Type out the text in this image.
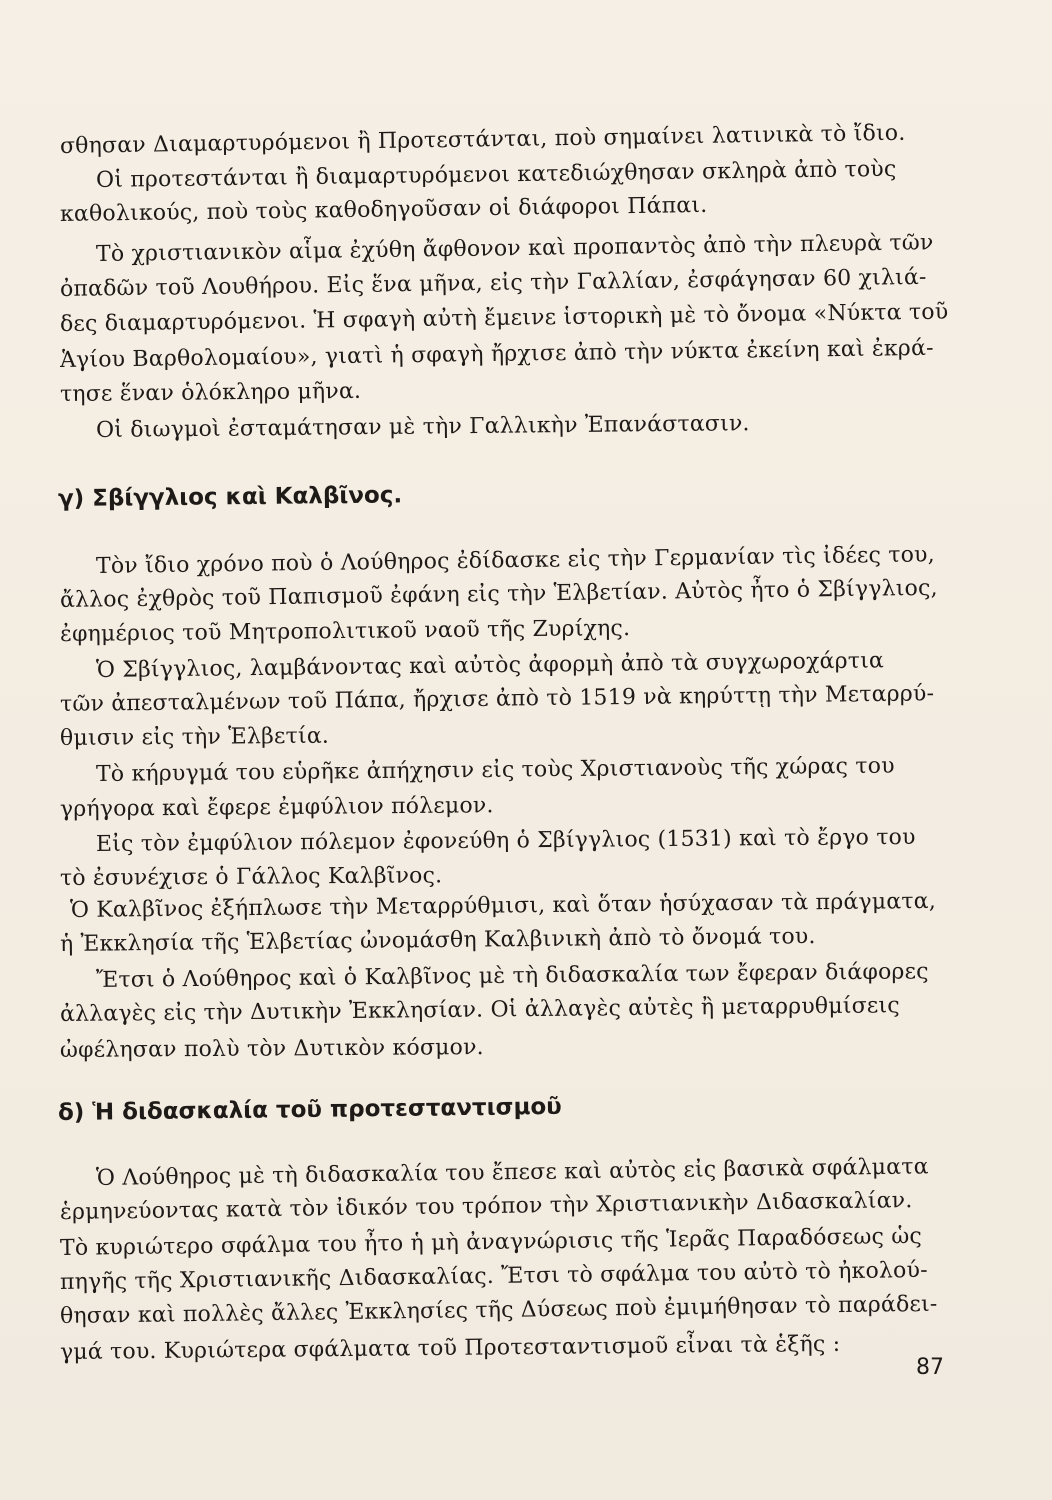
σθησαν Διαμαρτυρόμενοι ἢ Προτεστάνται, ποὺ σημαίνει λατινικὰ τὸ ἴδιο.
Οἱ προτεστάνται ἢ διαμαρτυρόμενοι κατεδιώχθησαν σκληρὰ ἀπὸ τοὺς
καθολικούς, ποὺ τοὺς καθοδηγοῦσαν οἱ διάφοροι Πάπαι.
Τὸ χριστιανικὸν αἷμα ἐχύθη ἄφθονον καὶ προπαντὸς ἀπὸ τὴν πλευρὰ τῶν
ὀπαδῶν τοῦ Λουθήρου. Εἰς ἕνα μῆνα, εἰς τὴν Γαλλίαν, ἐσφάγησαν 60 χιλιά-
δες διαμαρτυρόμενοι. Ἡ σφαγὴ αὐτὴ ἔμεινε ἱστορικὴ μὲ τὸ ὄνομα «Νύκτα τοῦ
Ἁγίου Βαρθολομαίου», γιατὶ ἡ σφαγὴ ἤρχισε ἀπὸ τὴν νύκτα ἐκείνη καὶ ἐκρά-
τησε ἕναν ὁλόκληρο μῆνα.
Οἱ διωγμοὶ ἐσταμάτησαν μὲ τὴν Γαλλικὴν Ἐπανάστασιν.
γ) Σβίγγλιος καὶ Καλβῖνος.
Τὸν ἴδιο χρόνο ποὺ ὁ Λούθηρος ἐδίδασκε εἰς τὴν Γερμανίαν τὶς ἰδέες του,
ἄλλος ἐχθρὸς τοῦ Παπισμοῦ ἐφάνη εἰς τὴν Ἑλβετίαν. Αὐτὸς ἦτο ὁ Σβίγγλιος,
ἐφημέριος τοῦ Μητροπολιτικοῦ ναοῦ τῆς Ζυρίχης.
Ὁ Σβίγγλιος, λαμβάνοντας καὶ αὐτὸς ἀφορμὴ ἀπὸ τὰ συγχωροχάρτια
τῶν ἀπεσταλμένων τοῦ Πάπα, ἤρχισε ἀπὸ τὸ 1519 νὰ κηρύττῃ τὴν Μεταρρύ-
θμισιν εἰς τὴν Ἑλβετία.
Τὸ κήρυγμά του εὑρῆκε ἀπήχησιν εἰς τοὺς Χριστιανοὺς τῆς χώρας του
γρήγορα καὶ ἔφερε ἐμφύλιον πόλεμον.
Εἰς τὸν ἐμφύλιον πόλεμον ἐφονεύθη ὁ Σβίγγλιος (1531) καὶ τὸ ἔργο του
τὸ ἐσυνέχισε ὁ Γάλλος Καλβῖνος.
Ὁ Καλβῖνος ἐξήπλωσε τὴν Μεταρρύθμισι, καὶ ὅταν ἡσύχασαν τὰ πράγματα,
ἡ Ἐκκλησία τῆς Ἑλβετίας ὠνομάσθη Καλβινικὴ ἀπὸ τὸ ὄνομά του.
Ἔτσι ὁ Λούθηρος καὶ ὁ Καλβῖνος μὲ τὴ διδασκαλία των ἔφεραν διάφορες
ἀλλαγὲς εἰς τὴν Δυτικὴν Ἐκκλησίαν. Οἱ ἀλλαγὲς αὐτὲς ἢ μεταρρυθμίσεις
ὠφέλησαν πολὺ τὸν Δυτικὸν κόσμον.
δ) Ἡ διδασκαλία τοῦ προτεσταντισμοῦ
Ὁ Λούθηρος μὲ τὴ διδασκαλία του ἔπεσε καὶ αὐτὸς εἰς βασικὰ σφάλματα
ἑρμηνεύοντας κατὰ τὸν ἰδικόν του τρόπον τὴν Χριστιανικὴν Διδασκαλίαν.
Τὸ κυριώτερο σφάλμα του ἦτο ἡ μὴ ἀναγνώρισις τῆς Ἱερᾶς Παραδόσεως ὡς
πηγῆς τῆς Χριστιανικῆς Διδασκαλίας. Ἔτσι τὸ σφάλμα του αὐτὸ τὸ ἠκολού-
θησαν καὶ πολλὲς ἄλλες Ἐκκλησίες τῆς Δύσεως ποὺ ἐμιμήθησαν τὸ παράδει-
γμά του. Κυριώτερα σφάλματα τοῦ Προτεσταντισμοῦ εἶναι τὰ ἑξῆς :
87
